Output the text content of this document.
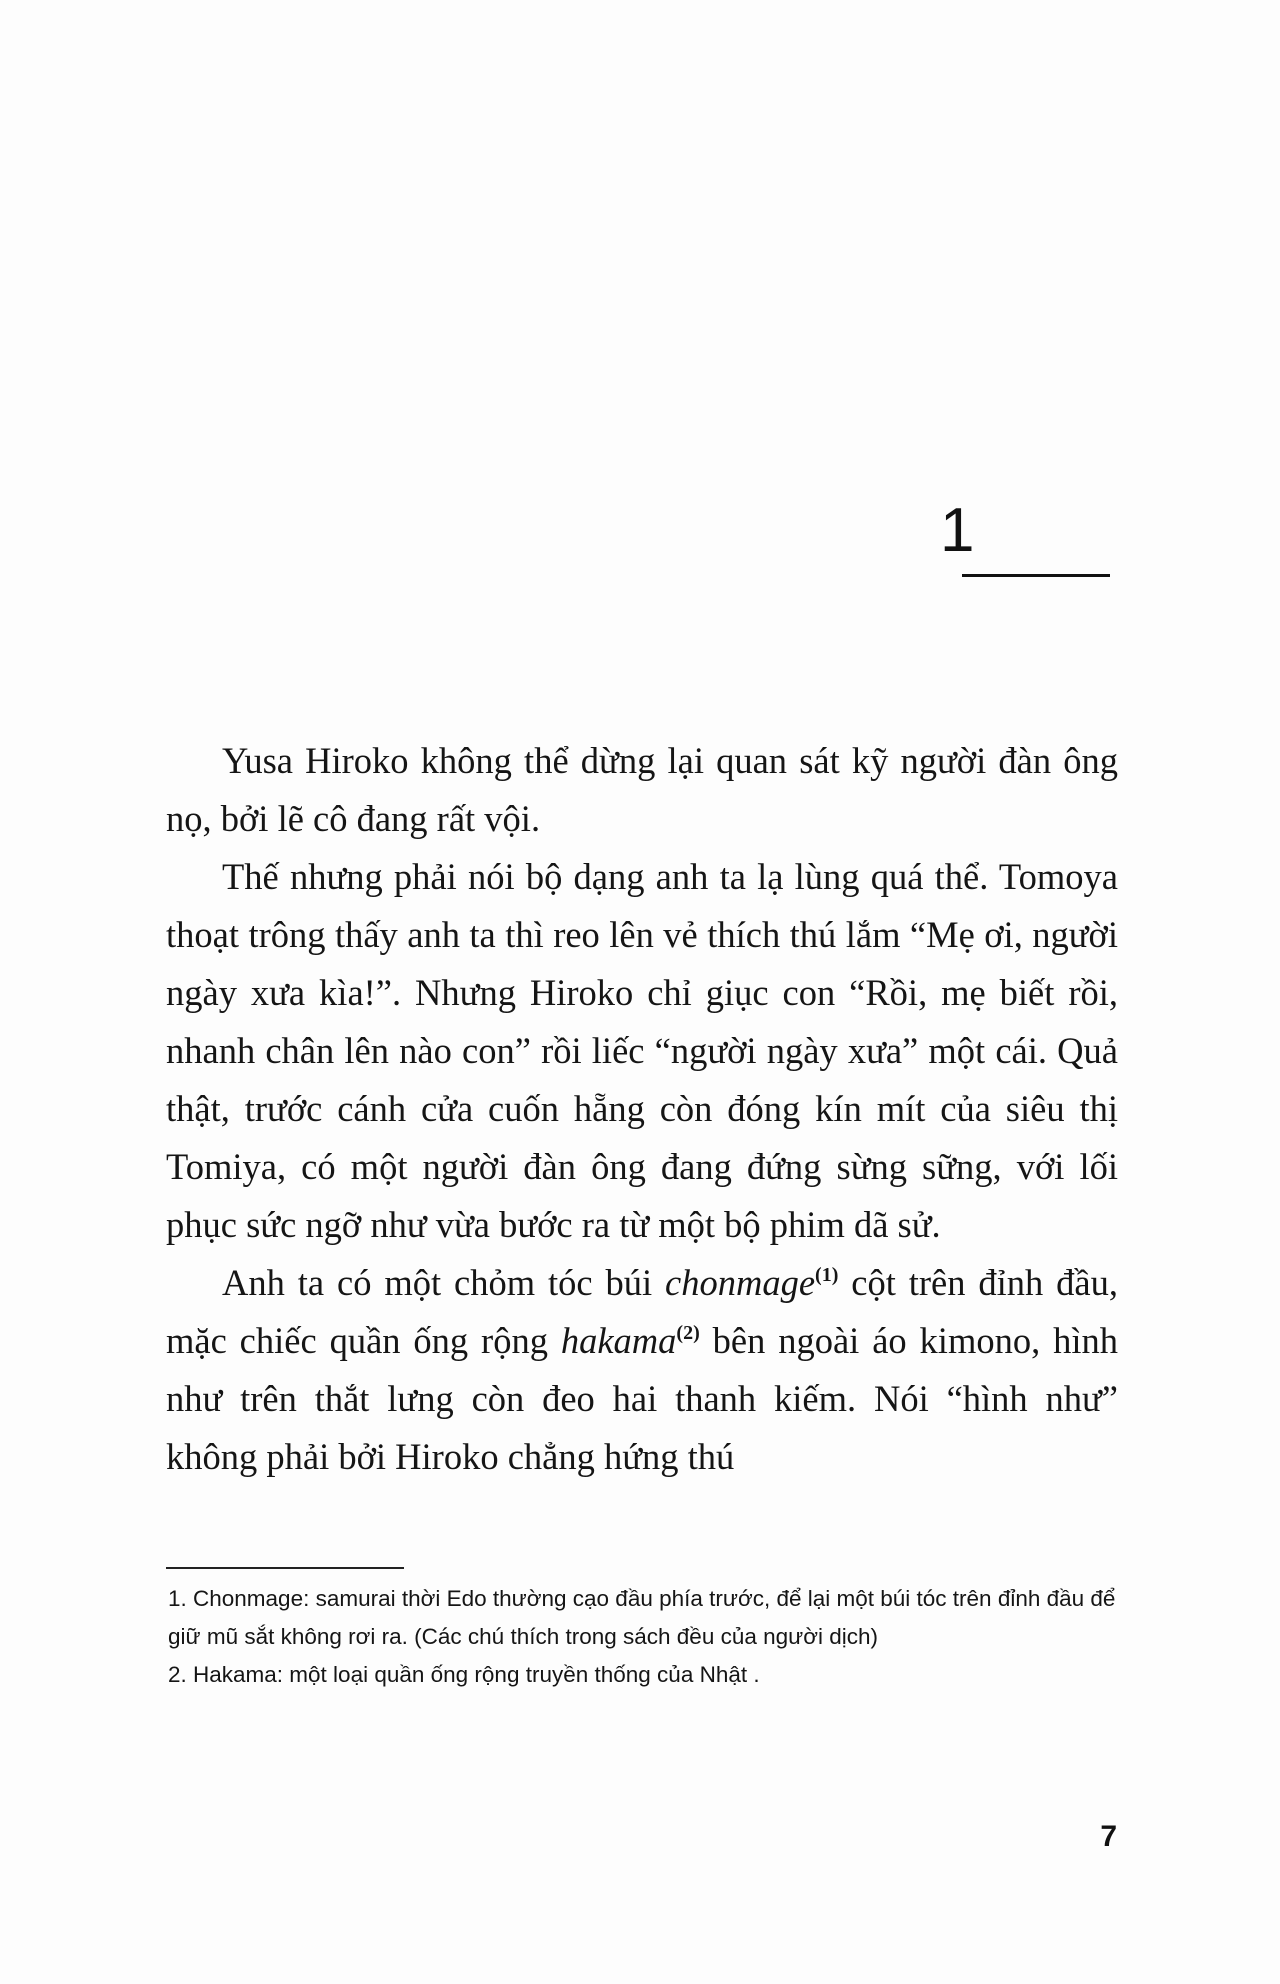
1

Yusa Hiroko không thể dừng lại quan sát kỹ người đàn ông nọ, bởi lẽ cô đang rất vội.

Thế nhưng phải nói bộ dạng anh ta lạ lùng quá thể. Tomoya thoạt trông thấy anh ta thì reo lên vẻ thích thú lắm “Mẹ ơi, người ngày xưa kìa!”. Nhưng Hiroko chỉ giục con “Rồi, mẹ biết rồi, nhanh chân lên nào con” rồi liếc “người ngày xưa” một cái. Quả thật, trước cánh cửa cuốn hẵng còn đóng kín mít của siêu thị Tomiya, có một người đàn ông đang đứng sừng sững, với lối phục sức ngỡ như vừa bước ra từ một bộ phim dã sử.

Anh ta có một chỏm tóc búi chonmage$^{(1)}$ cột trên đỉnh đầu, mặc chiếc quần ống rộng hakama$^{(2)}$ bên ngoài áo kimono, hình như trên thắt lưng còn đeo hai thanh kiếm. Nói “hình như” không phải bởi Hiroko chẳng hứng thú

1. Chonmage: samurai thời Edo thường cạo đầu phía trước, để lại một búi tóc trên đỉnh đầu để giữ mũ sắt không rơi ra. (Các chú thích trong sách đều của người dịch)

2. Hakama: một loại quần ống rộng truyền thống của Nhật .

7
